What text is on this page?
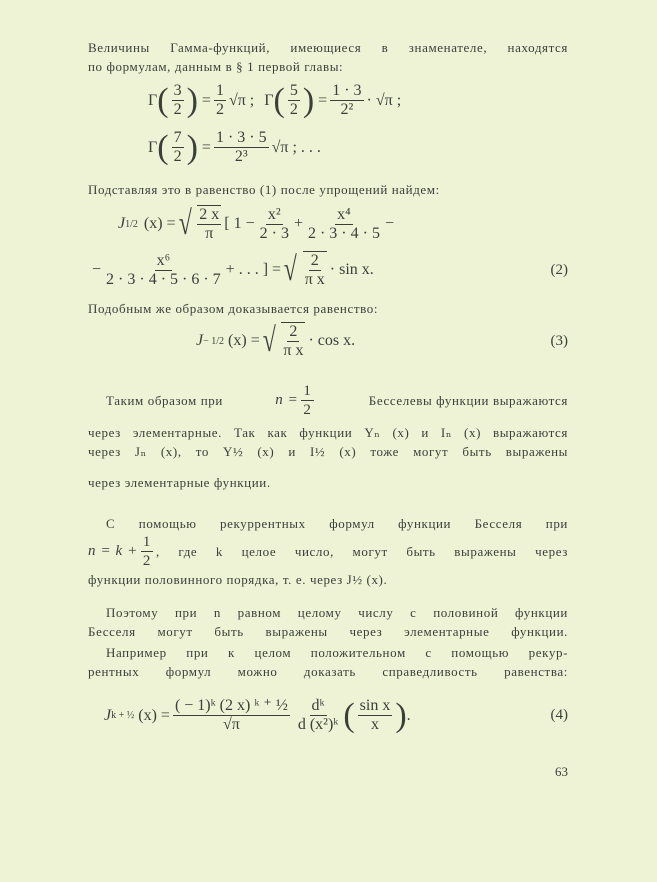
Величины Гамма-функций, имеющиеся в знаменателе, находятся
по формулам, данным в § 1 первой главы:
Γ ( $\frac{3}{2}$ ) = $\frac{1}{2} √\pi$ ; Γ ( $\frac{5}{2}$ ) = $\frac{1 \cdot 3}{\text{2²}} \cdot √\pi$ ;
Γ ( $\frac{7}{2}$ ) = $\frac{1 \cdot 3 \cdot 5}{\text{2³}} √\pi$ ; . . .
Подставляя это в равенство (1) после упрощений найдем:
J 1/2 (x) = √ $\frac{2 x}{\pi}$ [ $1 - \frac{\text{x²}}{2 \cdot 3} + \frac{\text{x⁴}}{2 \cdot 3 \cdot 4 \cdot 5}$ −
− $\frac{\text{x⁶}}{2 \cdot 3 \cdot 4 \cdot 5 \cdot 6 \cdot 7}$ + . . . ] = √ $\frac{2}{\text{π x}} \cdot \sin x$.	(2)
Подобным же образом доказывается равенство:
J − 1/2 (x) = √ $\frac{2}{\text{π x}} \cdot \cos x$.	(3)
Таким образом при	$n = \frac{1}{2}$	Бесселевы функции выражаются
через элементарные. Так как функции Yₙ (x) и Iₙ (x) выражаются
через Jₙ (x), то Y½ (x) и I½ (x) тоже могут быть выражены
через элементарные функции.
С помощью рекуррентных формул функции Бесселя при
$n = k + \frac{1}{2}$ , где k целое число, могут быть выражены через
функции половинного порядка, т. е. через J½ (x).
Поэтому при n равном целому числу с половиной функции
Бесселя могут быть выражены через элементарные функции.
Например при к целом положительном с помощью рекур-
рентных формул можно доказать справедливость равенства:
J k + ½ $(x) = \frac{\text{( − 1)ᵏ (2 x) ᵏ ⁺ ½}}{√\pi} \frac{\text{dᵏ}}{\text{d (x²)ᵏ}}$ ( $\frac{\text{sin x}}{x}$ ) .	(4)
63
